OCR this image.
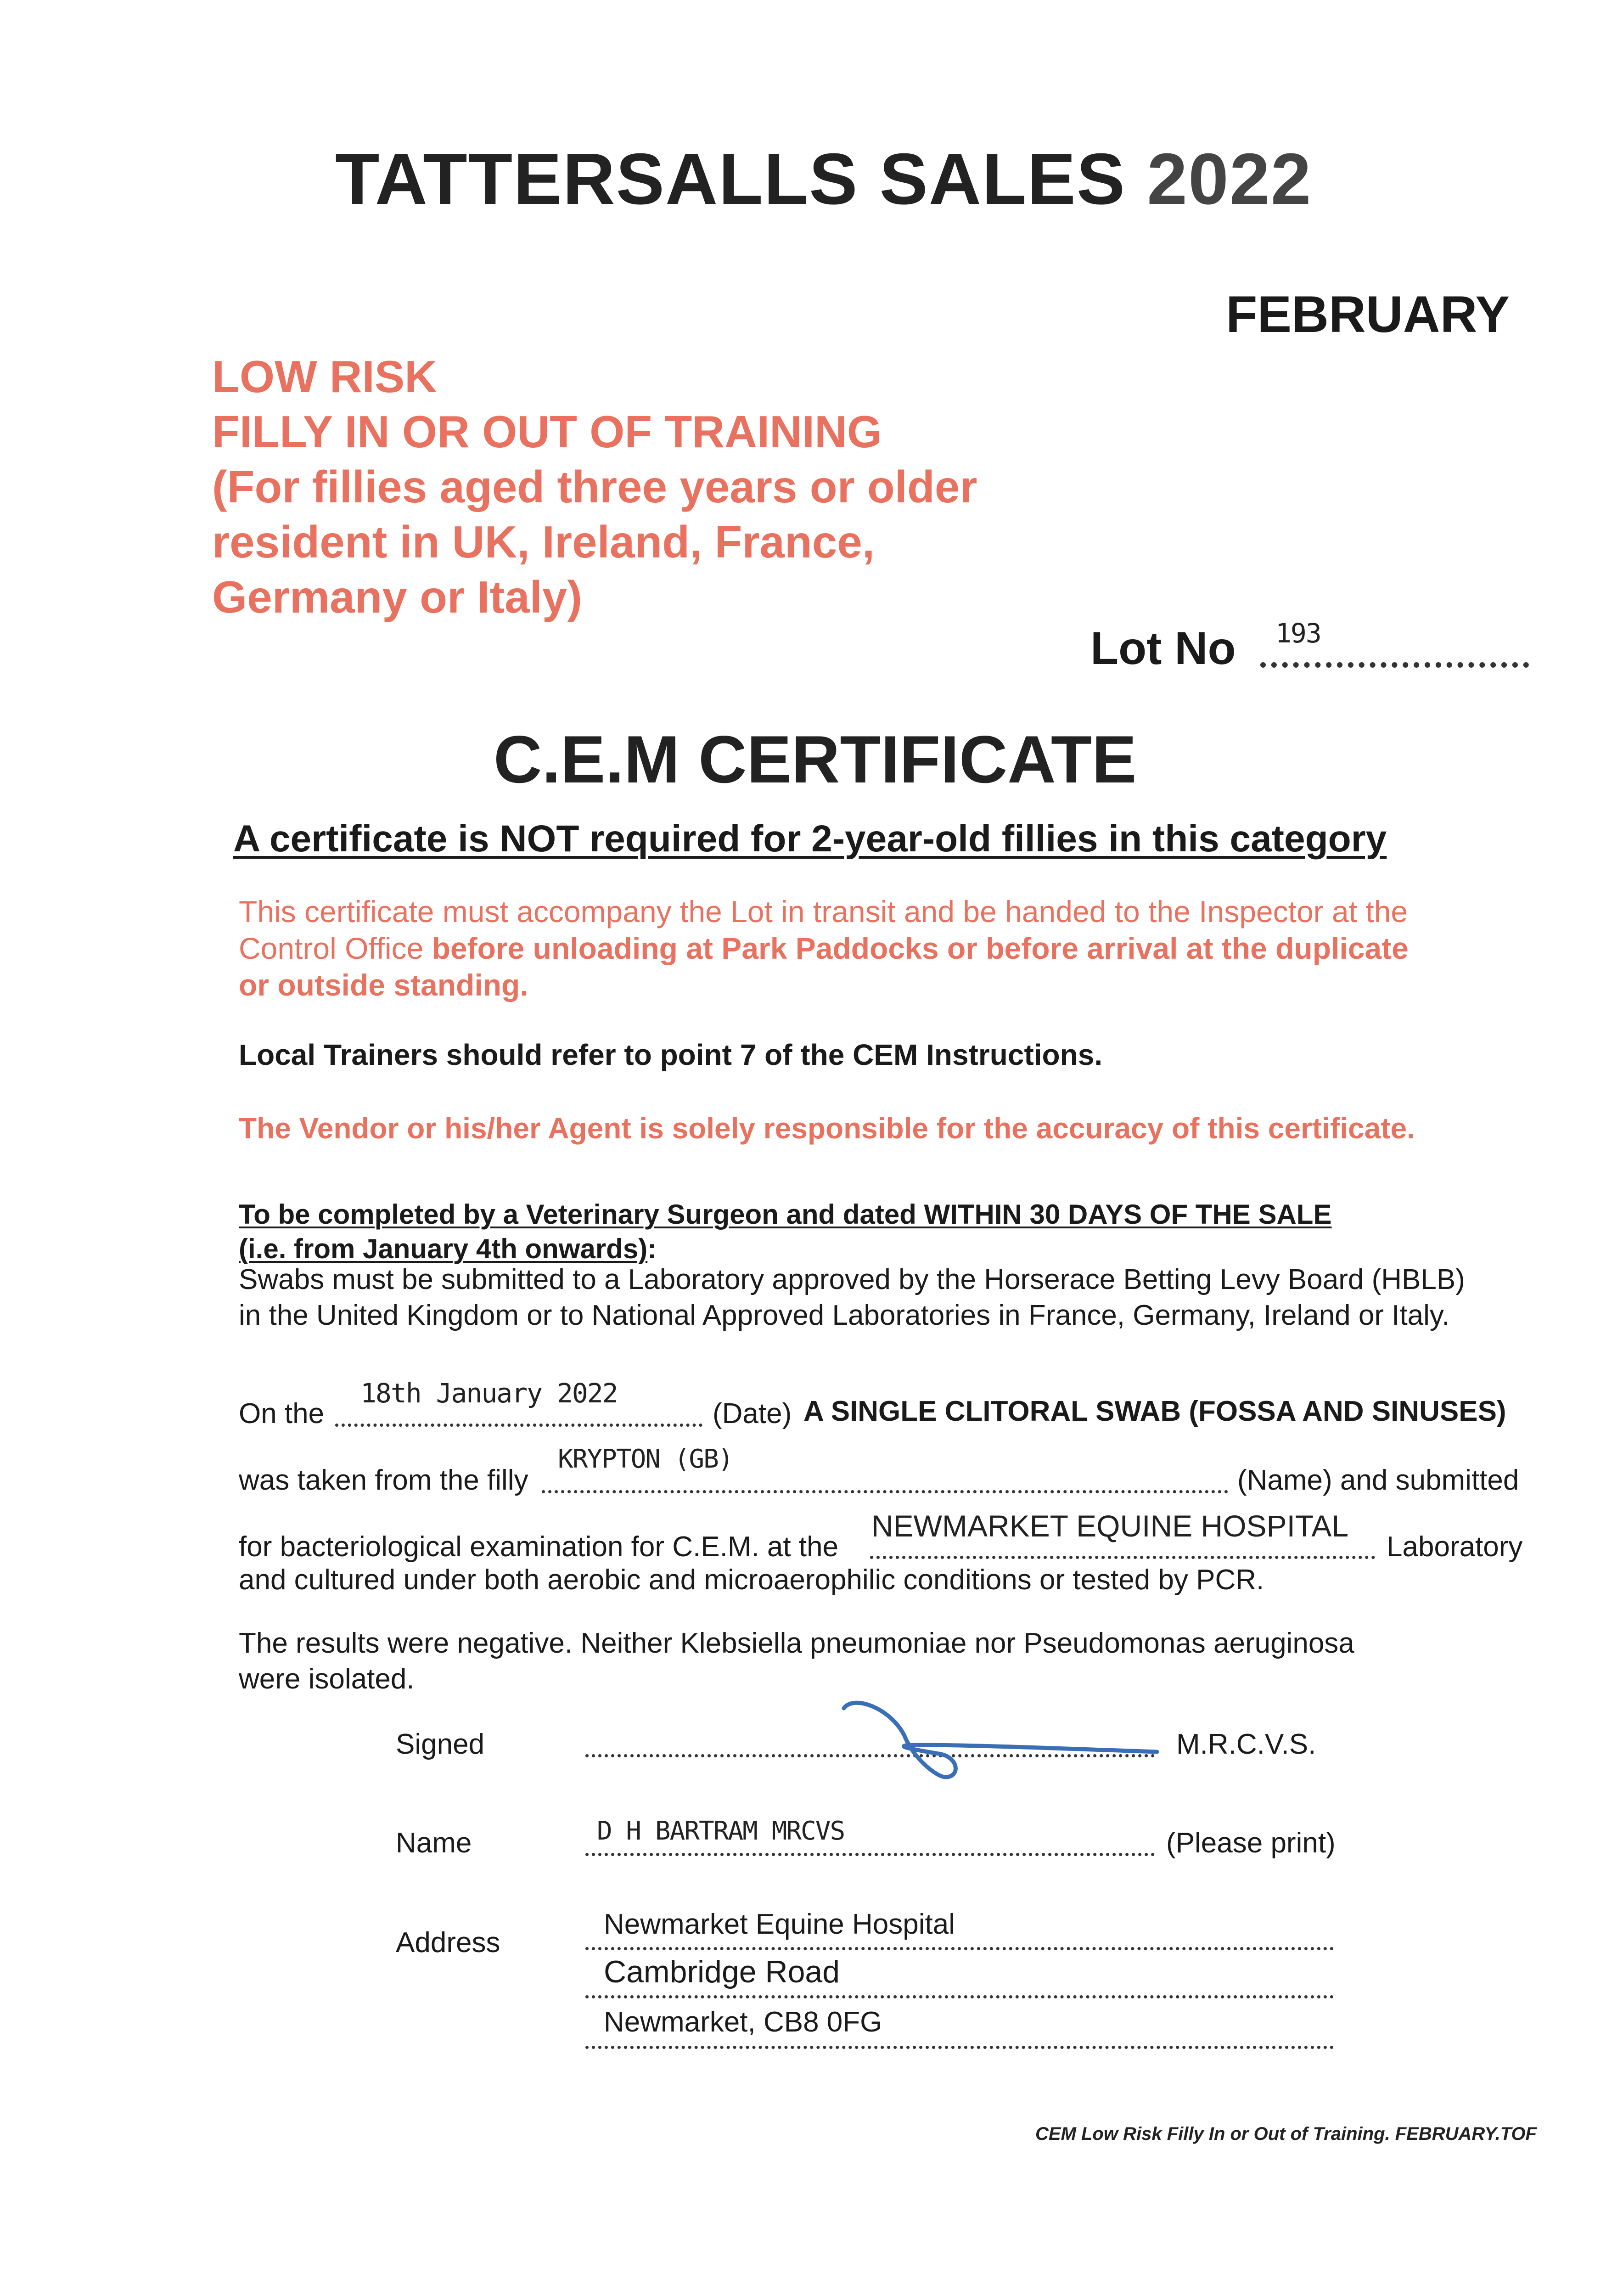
TATTERSALLS SALES 2022
FEBRUARY
LOW RISK
FILLY IN OR OUT OF TRAINING
(For fillies aged three years or older
resident in UK, Ireland, France,
Germany or Italy)
Lot No 193
C.E.M CERTIFICATE
A certificate is NOT required for 2-year-old fillies in this category
This certificate must accompany the Lot in transit and be handed to the Inspector at the
Control Office before unloading at Park Paddocks or before arrival at the duplicate
or outside standing.
Local Trainers should refer to point 7 of the CEM Instructions.
The Vendor or his/her Agent is solely responsible for the accuracy of this certificate.
To be completed by a Veterinary Surgeon and dated WITHIN 30 DAYS OF THE SALE
(i.e. from January 4th onwards):
Swabs must be submitted to a Laboratory approved by the Horserace Betting Levy Board (HBLB)
in the United Kingdom or to National Approved Laboratories in France, Germany, Ireland or Italy.
18th January 2022
On the	(Date) A SINGLE CLITORAL SWAB (FOSSA AND SINUSES)
KRYPTON (GB)
was taken from the filly	(Name) and submitted
NEWMARKET EQUINE HOSPITAL
for bacteriological examination for C.E.M. at the	Laboratory
and cultured under both aerobic and microaerophilic conditions or tested by PCR.
The results were negative. Neither Klebsiella pneumoniae nor Pseudomonas aeruginosa
were isolated.
Signed	M.R.C.V.S.
Name	D H BARTRAM MRCVS	(Please print)
Address
Newmarket Equine Hospital
Cambridge Road
Newmarket, CB8 0FG
CEM Low Risk Filly In or Out of Training. FEBRUARY.TOF
